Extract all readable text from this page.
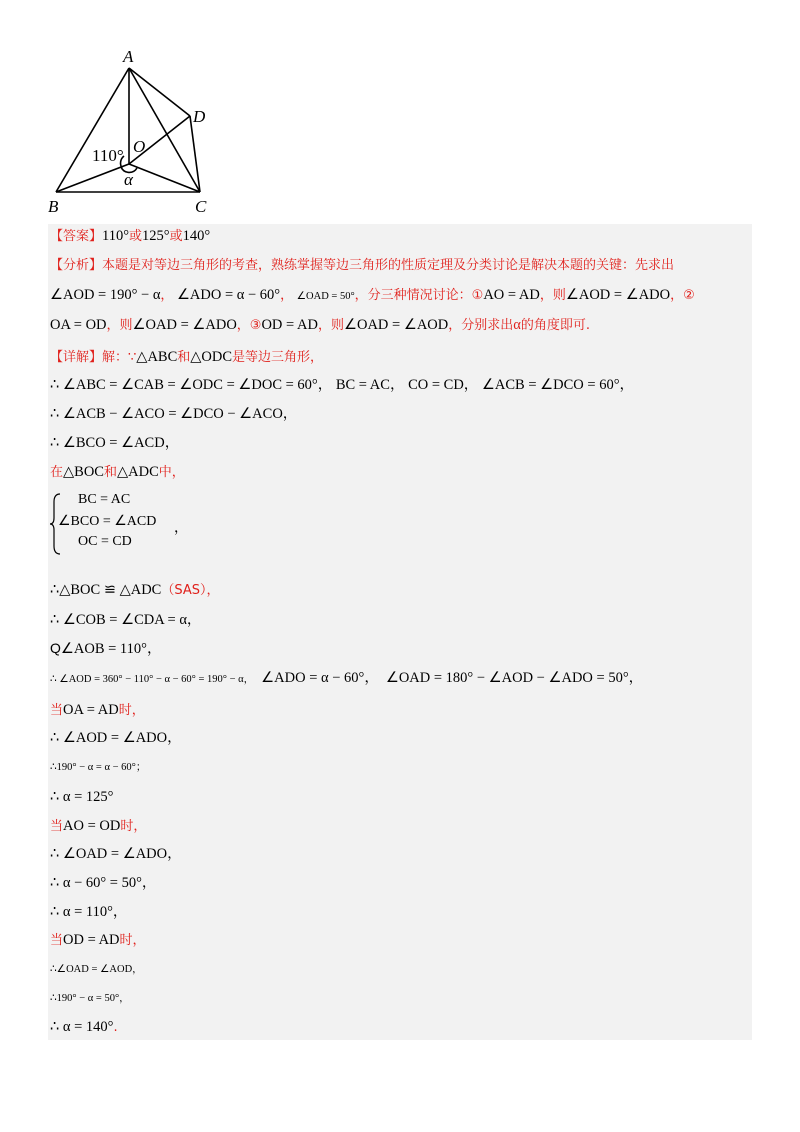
A
B	C
D
O
110°
α
【答案】110°或125°或140°
【分析】本题是对等边三角形的考查，熟练掌握等边三角形的性质定理及分类讨论是解决本题的关键：先求出
∠AOD = 190° − α， ∠ADO = α − 60°， ∠OAD = 50°，分三种情况讨论：①AO = AD，则∠AOD = ∠ADO，②
OA = OD，则∠OAD = ∠ADO，③OD = AD，则∠OAD = ∠AOD，分别求出α的角度即可.
【详解】解：∵△ABC和△ODC是等边三角形，
∴ ∠ABC = ∠CAB = ∠ODC = ∠DOC = 60°， BC = AC， CO = CD， ∠ACB = ∠DCO = 60°，
∴ ∠ACB − ∠ACO = ∠DCO − ∠ACO，
∴ ∠BCO = ∠ACD，
在△BOC和△ADC中，
BC = AC
∠BCO = ∠ACD
OC = CD
，
∴△BOC ≌ △ADC（SAS），
∴ ∠COB = ∠CDA = α，
Q∠AOB = 110°，
∴ ∠AOD = 360° − 110° − α − 60° = 190° − α， ∠ADO = α − 60°， ∠OAD = 180° − ∠AOD − ∠ADO = 50°，
当OA = AD时，
∴ ∠AOD = ∠ADO，
∴190° − α = α − 60°；
∴ α = 125°
当AO = OD时，
∴ ∠OAD = ∠ADO，
∴ α − 60° = 50°，
∴ α = 110°，
当OD = AD时，
∴∠OAD = ∠AOD，
∴190° − α = 50°，
∴ α = 140°.
